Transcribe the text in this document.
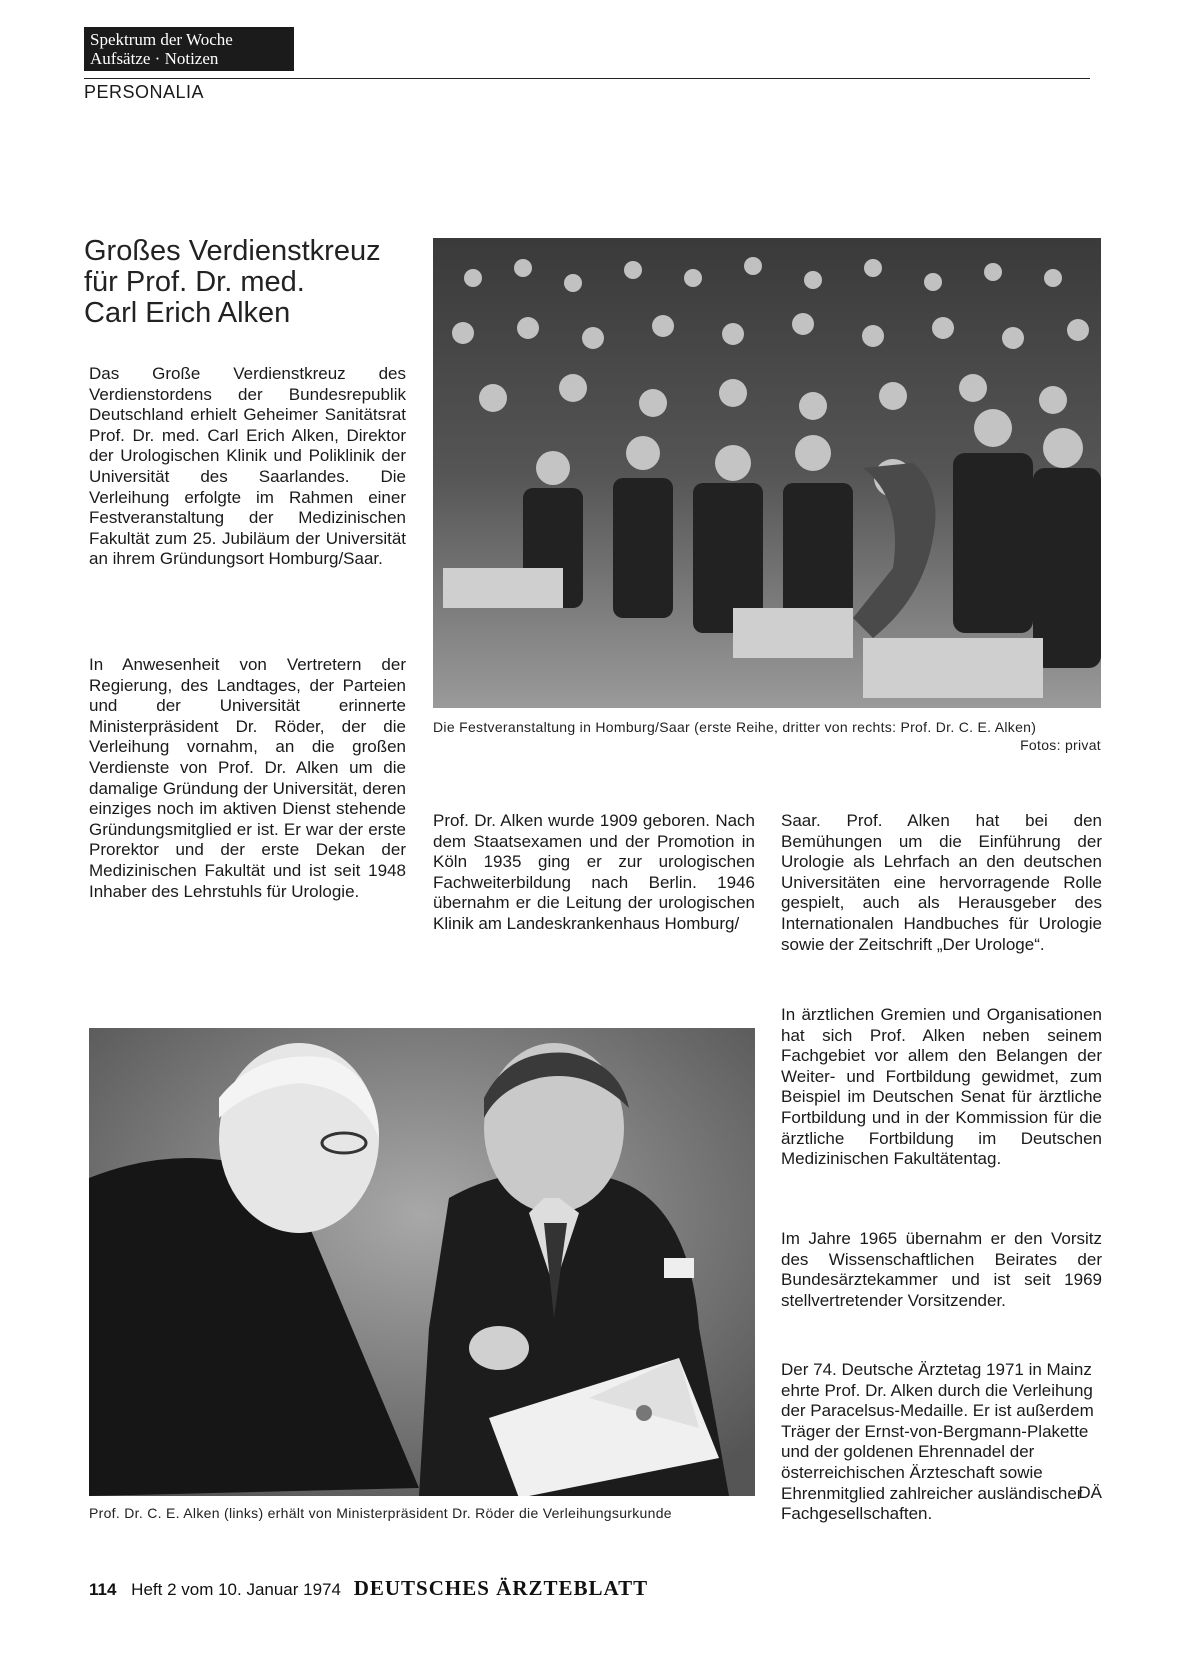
Spektrum der Woche
Aufsätze · Notizen
PERSONALIA
Großes Verdienstkreuz
für Prof. Dr. med.
Carl Erich Alken

Das Große Verdienstkreuz des Verdienstordens der Bundesrepublik Deutschland erhielt Geheimer Sanitätsrat Prof. Dr. med. Carl Erich Alken, Direktor der Urologischen Klinik und Poliklinik der Universität des Saarlandes. Die Verleihung erfolgte im Rahmen einer Festveranstaltung der Medizinischen Fakultät zum 25. Jubiläum der Universität an ihrem Gründungsort Homburg/Saar.

In Anwesenheit von Vertretern der Regierung, des Landtages, der Parteien und der Universität erinnerte Ministerpräsident Dr. Röder, der die Verleihung vornahm, an die großen Verdienste von Prof. Dr. Alken um die damalige Gründung der Universität, deren einziges noch im aktiven Dienst stehende Gründungsmitglied er ist. Er war der erste Prorektor und der erste Dekan der Medizinischen Fakultät und ist seit 1948 Inhaber des Lehrstuhls für Urologie.

Die Festveranstaltung in Homburg/Saar (erste Reihe, dritter von rechts: Prof. Dr. C. E. Alken)
Fotos: privat

Prof. Dr. Alken wurde 1909 geboren. Nach dem Staatsexamen und der Promotion in Köln 1935 ging er zur urologischen Fachweiterbildung nach Berlin. 1946 übernahm er die Leitung der urologischen Klinik am Landeskrankenhaus Homburg/

Saar. Prof. Alken hat bei den Bemühungen um die Einführung der Urologie als Lehrfach an den deutschen Universitäten eine hervorragende Rolle gespielt, auch als Herausgeber des Internationalen Handbuches für Urologie sowie der Zeitschrift „Der Urologe“.

In ärztlichen Gremien und Organisationen hat sich Prof. Alken neben seinem Fachgebiet vor allem den Belangen der Weiter- und Fortbildung gewidmet, zum Beispiel im Deutschen Senat für ärztliche Fortbildung und in der Kommission für die ärztliche Fortbildung im Deutschen Medizinischen Fakultätentag.

Im Jahre 1965 übernahm er den Vorsitz des Wissenschaftlichen Beirates der Bundesärztekammer und ist seit 1969 stellvertretender Vorsitzender.

Der 74. Deutsche Ärztetag 1971 in Mainz ehrte Prof. Dr. Alken durch die Verleihung der Paracelsus-Medaille. Er ist außerdem Träger der Ernst-von-Bergmann-Plakette und der goldenen Ehrennadel der österreichischen Ärzteschaft sowie Ehrenmitglied zahlreicher ausländischer Fachgesellschaften.

DÄ
Prof. Dr. C. E. Alken (links) erhält von Ministerpräsident Dr. Röder die Verleihungsurkunde
114 Heft 2 vom 10. Januar 1974 DEUTSCHES ÄRZTEBLATT
